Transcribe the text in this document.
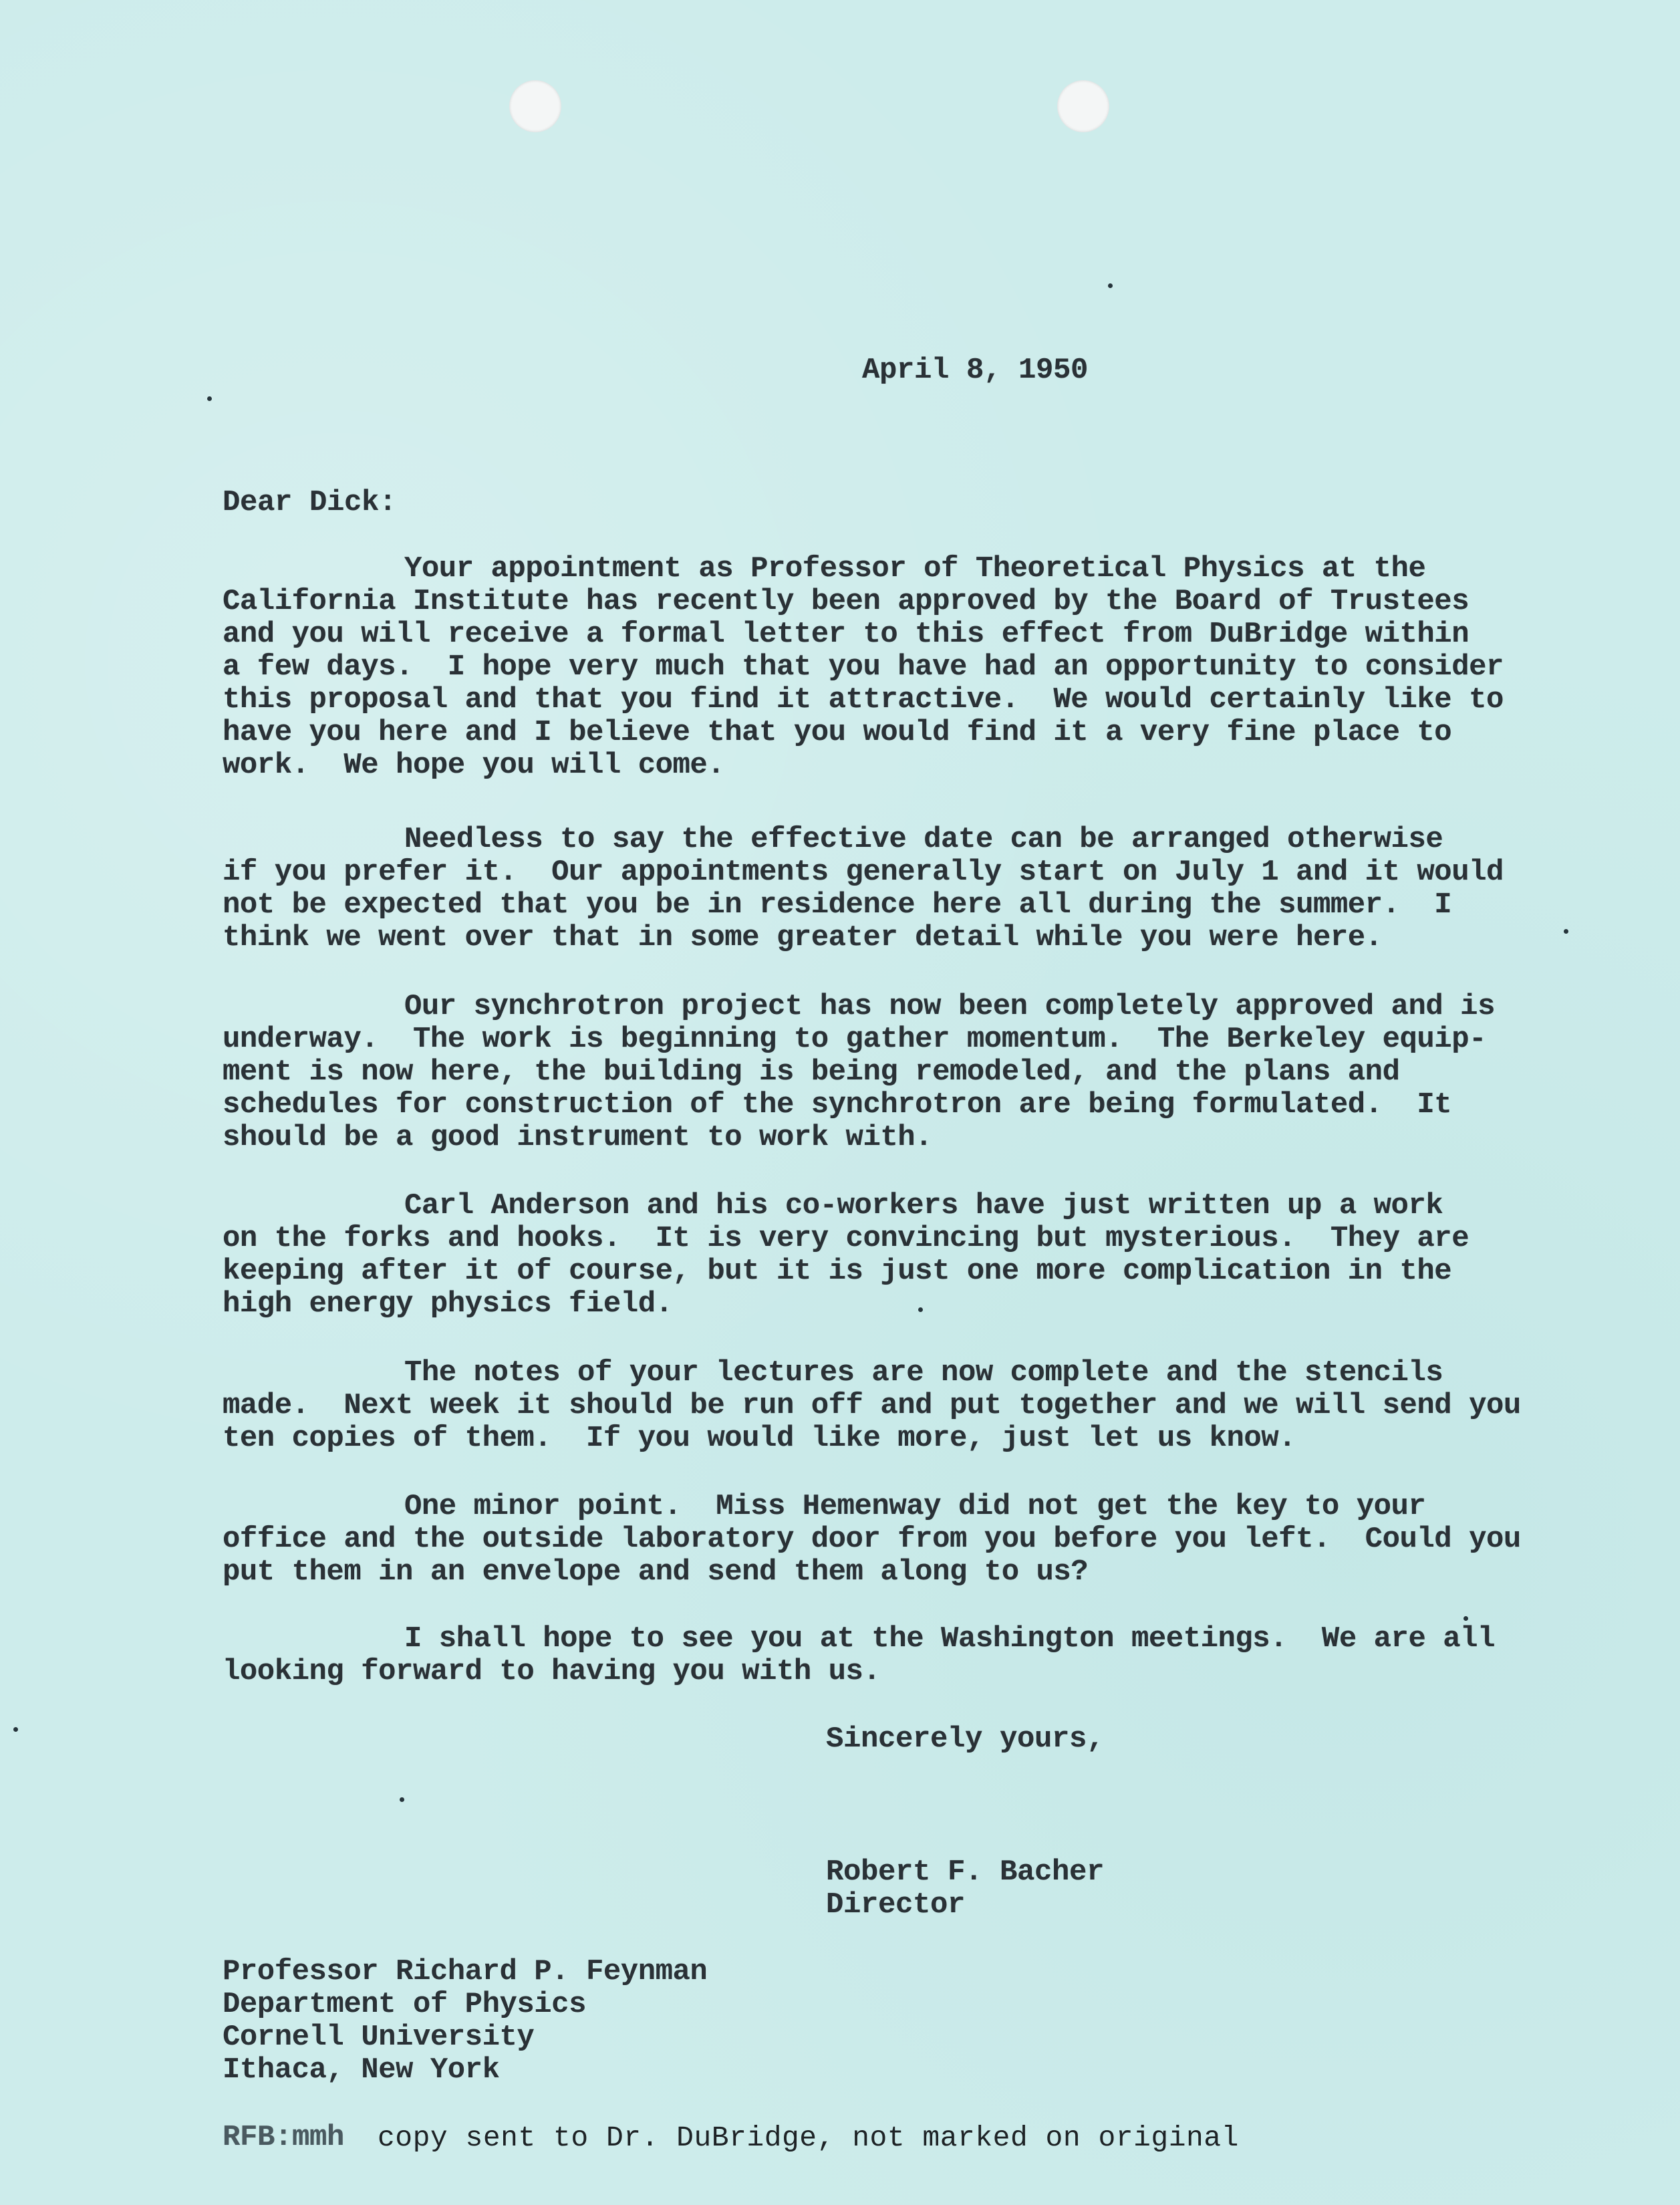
April 8, 1950
Dear Dick:
Your appointment as Professor of Theoretical Physics at the
California Institute has recently been approved by the Board of Trustees
and you will receive a formal letter to this effect from DuBridge within
a few days.  I hope very much that you have had an opportunity to consider
this proposal and that you find it attractive.  We would certainly like to
have you here and I believe that you would find it a very fine place to
work.  We hope you will come.
Needless to say the effective date can be arranged otherwise
if you prefer it.  Our appointments generally start on July 1 and it would
not be expected that you be in residence here all during the summer.  I
think we went over that in some greater detail while you were here.
Our synchrotron project has now been completely approved and is
underway.  The work is beginning to gather momentum.  The Berkeley equip-
ment is now here, the building is being remodeled, and the plans and
schedules for construction of the synchrotron are being formulated.  It
should be a good instrument to work with.
Carl Anderson and his co-workers have just written up a work
on the forks and hooks.  It is very convincing but mysterious.  They are
keeping after it of course, but it is just one more complication in the
high energy physics field.
The notes of your lectures are now complete and the stencils
made.  Next week it should be run off and put together and we will send you
ten copies of them.  If you would like more, just let us know.
One minor point.  Miss Hemenway did not get the key to your
office and the outside laboratory door from you before you left.  Could you
put them in an envelope and send them along to us?
I shall hope to see you at the Washington meetings.  We are all
looking forward to having you with us.
Sincerely yours,
Robert F. Bacher
Director
Professor Richard P. Feynman
Department of Physics
Cornell University
Ithaca, New York
RFB:mmh copy sent to Dr. DuBridge, not marked on original
